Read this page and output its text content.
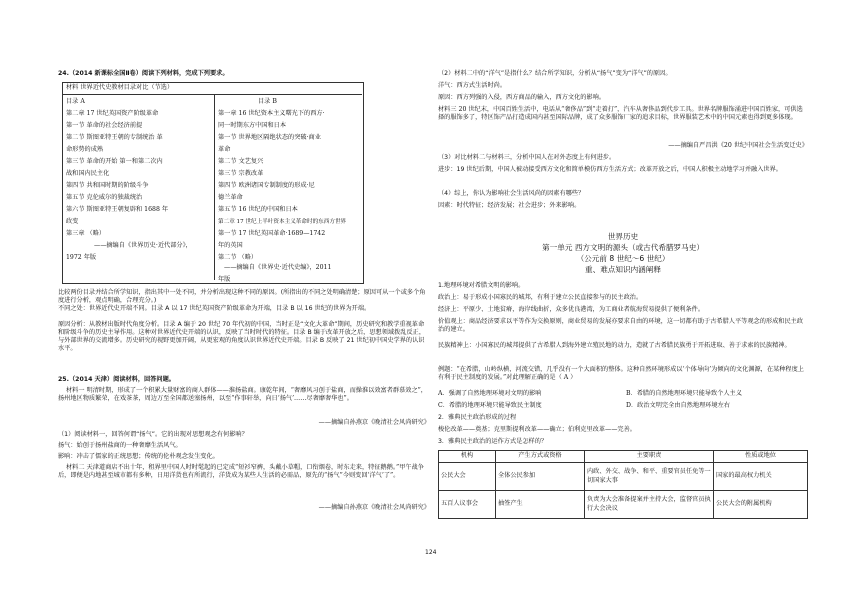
24.（2014 新课标全国Ⅱ卷）阅读下列材料，完成下列要求。
材料 世界近代史教材目录对比（节选）
目录 A
第二章 17 世纪英国资产阶级革命
第一节 革命的社会经济前提
第二节 斯图亚特王朝的专制统治 革
命形势的成熟
第三节 革命的开始 第一和第二次内
战和国内民主化
第四节 共和国时期的阶级斗争
第五节 克伦威尔的独裁统治
第六节 斯图亚特王朝复辟和 1688 年
政变
第三章 （略）
——摘编自《世界历史·近代部分》，
1972 年版
目录 B
第一章 16 世纪资本主义曙光下的西方·
同一时期东方中国和日本
第一节 世界地区隔绝状态的突破·商业
革命
第二节 文艺复兴
第三节 宗教改革
第四节 欧洲诸国专制制度的形成·尼
德兰革命
第五节 16 世纪的中国和日本
第二章 17 世纪上半叶资本主义革命时的东西方世界
第一节 17 世纪英国革命·1689—1742
年的英国
第二节 （略）
——摘编自《世界史·近代史编》，2011
年版
比较两份目录并结合所学知识，指出其中一处不同，并分析出现这种不同的原因。(所指出的不同之处明确清楚；原因可从一个或多个角度进行分析，观点明确，合理充分。)
不同之处：世界近代史开端不同。目录 A 以 17 世纪英国资产阶级革命为开端，目录 B 以 16 世纪的世界为开端。
原因分析：从教材出版时代角度分析。目录 A 编于 20 世纪 70 年代初的中国，当时正是“文化大革命”期间，历史研究和教学重视革命和阶级斗争的历史主导作用。这种对世界近代史开端的认识，反映了当时时代的特征。目录 B 编于改革开放之后，思想领域拨乱反正，与外部世界的交流增多。历史研究的视野更加开阔，从更宏观的角度认识世界近代史开端。目录 B 反映了 21 世纪初中国史学界的认识水平。
25.（2014 天津）阅读材料，回答问题。
材料一 明清时期，形成了一个积累大量财富的商人群体——淮扬盐商。康乾年间，“奢靡风习创于盐商，而操淮以效富者群慕效之”，扬州地区物质繁荣，在戏茶茶，周边万至全国都送塞扬州，以至“作事轩举，向日‘扬气’……尽奢靡奢华也”。
——摘编自孙燕京《晚清社会风尚研究》
（1）阅读材料一，回答何谓“扬气”。它的出现对思想观念有何影响？
扬气：始创于扬州盐商的一种奢靡生活风气。
影响：冲击了儒家的正统思想；传统的伦朴观念发生变化。
材料二 天津道商店不出十年，租界里中国人时时髦起的已定成“短衫窄裤，头戴小草帽，口衔烟卷，时东走来，特征鹅鹅。”甲午战争后，即便是内地甚至城市都有多种，日用洋货也有所流行，洋货成为某些人生活的必需品，原先的“扬气”今则变回‘洋气’了”。
——摘编自孙燕京《晚清社会风尚研究》
（2）材料二中的“洋气”是指什么？结合所学知识，分析从“扬气”变为“洋气”的原因。
洋气：西方式生活时尚。
原因：西方列强的入侵，西方商品的输入，西方文化的影响。
材料三 20 世纪末，中国百姓生活中，电话从“奢侈品”到“走着打”，汽车从奢侈品到代步工具。世界名牌服饰涌进中国百姓家，可供选择的服饰多了，特区饰产品打造成国内甚至国际品牌，成了众多服饰厂家的追求目标，世界服装艺术中的中国元素也得到更多体现。
——摘编自严昌洪《20 世纪中国社会生活变迁史》
（3）对比材料二与材料三，分析中国人在对外态度上有何进步。
进步：19 世纪后期，中国人被动接受西方文化和简单模仿西方生活方式；改革开放之后，中国人积极主动地学习并融入世界。
（4）综上，你认为影响社会生活风尚的因素有哪些？
因素：时代特征；经济发展；社会进步；外来影响。
世界历史
第一单元 西方文明的源头（或古代希腊罗马史）
（公元前 8 世纪～6 世纪）
重、难点知识内涵阐释
1.地理环境对希腊文明的影响。
政治上：易于形成小国寡民的城邦，有利于建立公民直接参与的民主政治。
经济上：平原少、土地贫瘠，海岸线曲折，众多优良港湾，为工商业者航海贸易提供了便利条件。
价值观上：商品经济要求以平等作为交换原则，商业贸易的发展亦要求自由的环境，这一切都有助于古希腊人平等观念的形成和民主政治的建立。
民族精神上：小国寡民的城邦提供了古希腊人到海外建立殖民地的动力，造就了古希腊民族勇于开拓进取、善于求索的民族精神。
例题：“在希腊，山岭纵横，河流交错，几乎没有一个大面积的整体。这种自然环境形成以‘个体导向’为倾向的文化渊源，在某种程度上有利于民主制度的发展。”对此理解正确的是（ A ）
A．强调了自然地理环境对文明的影响	B．希腊的自然地理环境只能导致个人主义
C．希腊的地理环境只能导致民主制度	D．政治文明完全由自然地理环境左右
2．雅典民主政治形成的过程
梭伦改革——奠基；克里斯提利改革——确立；伯利克里改革——完善。
3．雅典民主政治的运作方式是怎样的？
机构	产生方式或资格	主要职责	性质或地位
公民大会	全体公民参加	内政、外交、战争、和平、重要官员任免等一切国家大事	国家的最高权力机关
五百人议事会	抽签产生	负责为大会准备提案并主持大会，监督官员执行大会决议	公民大会的附属机构
124
